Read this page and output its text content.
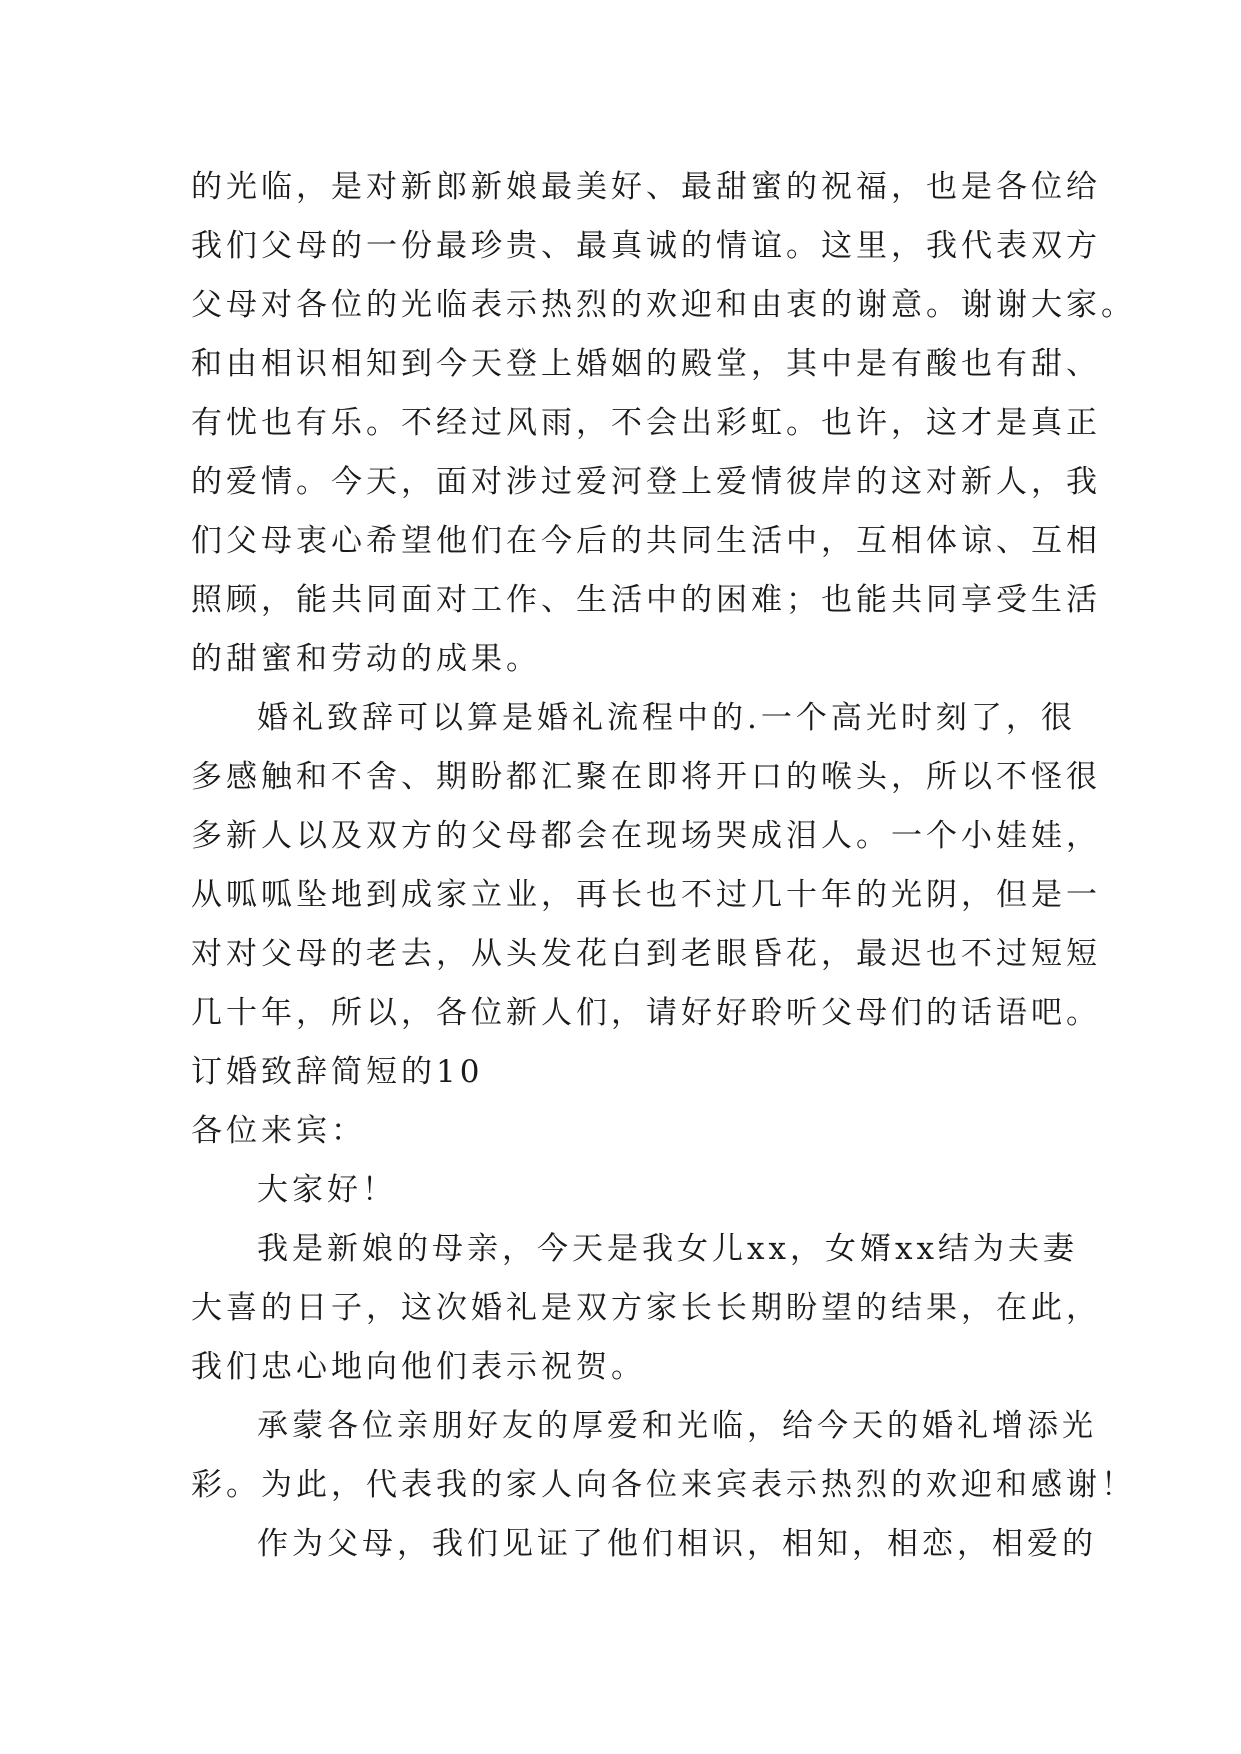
的光临，是对新郎新娘最美好、最甜蜜的祝福，也是各位给
我们父母的一份最珍贵、最真诚的情谊。这里，我代表双方
父母对各位的光临表示热烈的欢迎和由衷的谢意。谢谢大家。
和由相识相知到今天登上婚姻的殿堂，其中是有酸也有甜、
有忧也有乐。不经过风雨，不会出彩虹。也许，这才是真正
的爱情。今天，面对涉过爱河登上爱情彼岸的这对新人，我
们父母衷心希望他们在今后的共同生活中，互相体谅、互相
照顾，能共同面对工作、生活中的困难；也能共同享受生活
的甜蜜和劳动的成果。
婚礼致辞可以算是婚礼流程中的.一个高光时刻了，很
多感触和不舍、期盼都汇聚在即将开口的喉头，所以不怪很
多新人以及双方的父母都会在现场哭成泪人。一个小娃娃，
从呱呱坠地到成家立业，再长也不过几十年的光阴，但是一
对对父母的老去，从头发花白到老眼昏花，最迟也不过短短
几十年，所以，各位新人们，请好好聆听父母们的话语吧。
订婚致辞简短的10
各位来宾：
大家好！
我是新娘的母亲，今天是我女儿xx，女婿xx结为夫妻
大喜的日子，这次婚礼是双方家长长期盼望的结果，在此，
我们忠心地向他们表示祝贺。
承蒙各位亲朋好友的厚爱和光临，给今天的婚礼增添光
彩。为此，代表我的家人向各位来宾表示热烈的欢迎和感谢！
作为父母，我们见证了他们相识，相知，相恋，相爱的
